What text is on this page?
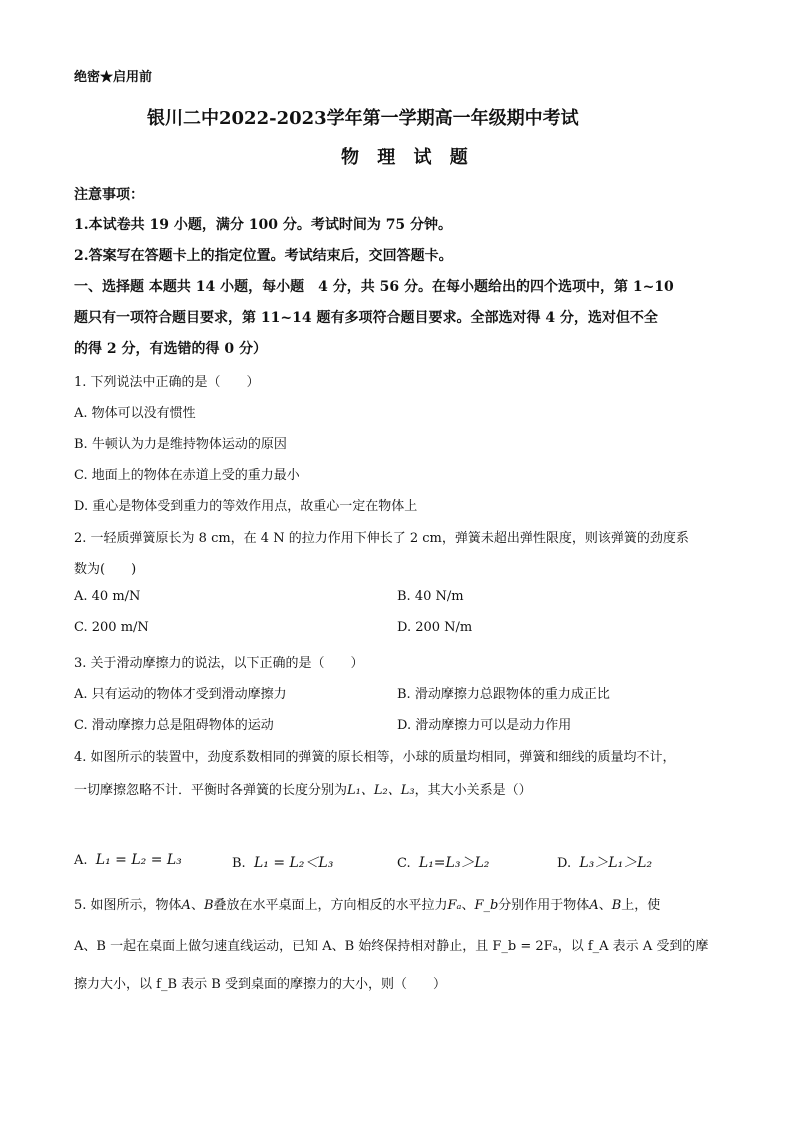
绝密★启用前
银川二中2022-2023学年第一学期高一年级期中考试
物 理 试 题
注意事项：
1.本试卷共 19 小题，满分 100 分。考试时间为 75 分钟。
2.答案写在答题卡上的指定位置。考试结束后，交回答题卡。
一、选择题 本题共 14 小题，每小题　4 分，共 56 分。在每小题给出的四个选项中，第 1~10
题只有一项符合题目要求，第 11~14 题有多项符合题目要求。全部选对得 4 分，选对但不全
的得 2 分，有选错的得 0 分）
1. 下列说法中正确的是（　　）
A. 物体可以没有惯性
B. 牛顿认为力是维持物体运动的原因
C. 地面上的物体在赤道上受的重力最小
D. 重心是物体受到重力的等效作用点，故重心一定在物体上
2. 一轻质弹簧原长为 8 cm，在 4 N 的拉力作用下伸长了 2 cm，弹簧未超出弹性限度，则该弹簧的劲度系
数为(　　)
A. 40 m/N	B. 40 N/m
C. 200 m/N	D. 200 N/m
3. 关于滑动摩擦力的说法，以下正确的是（　　）
A. 只有运动的物体才受到滑动摩擦力	B. 滑动摩擦力总跟物体的重力成正比
C. 滑动摩擦力总是阻碍物体的运动	D. 滑动摩擦力可以是动力作用
4. 如图所示的装置中，劲度系数相同的弹簧的原长相等，小球的质量均相同，弹簧和细线的质量均不计，
一切摩擦忽略不计．平衡时各弹簧的长度分别为L₁、L₂、L₃，其大小关系是（）
A. L₁ = L₂ = L₃	B. L₁ = L₂＜L₃	C. L₁=L₃＞L₂	D. L₃＞L₁＞L₂
5. 如图所示，物体A、B叠放在水平桌面上，方向相反的水平拉力Fₐ、F_b分别作用于物体A、B上，使
A、B 一起在桌面上做匀速直线运动，已知 A、B 始终保持相对静止，且 F_b = 2Fₐ，以 f_A 表示 A 受到的摩
擦力大小，以 f_B 表示 B 受到桌面的摩擦力的大小，则（　　）
